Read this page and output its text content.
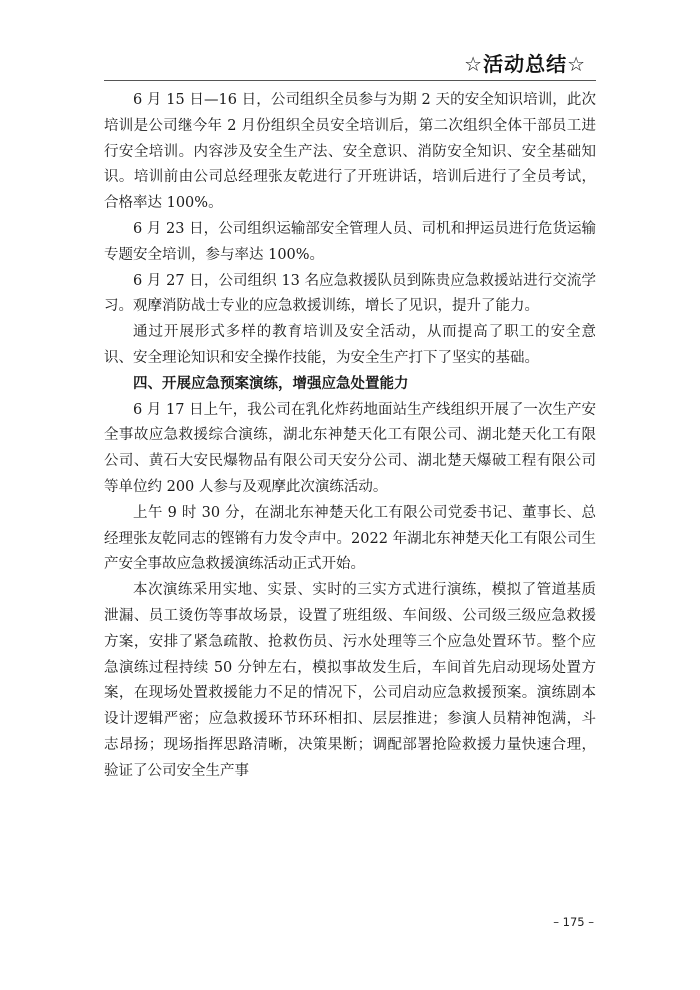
☆活动总结☆

6 月 15 日—16 日，公司组织全员参与为期 2 天的安全知识培训，此次培训是公司继今年 2 月份组织全员安全培训后，第二次组织全体干部员工进行安全培训。内容涉及安全生产法、安全意识、消防安全知识、安全基础知识。培训前由公司总经理张友乾进行了开班讲话，培训后进行了全员考试，合格率达 100%。

6 月 23 日，公司组织运输部安全管理人员、司机和押运员进行危货运输专题安全培训，参与率达 100%。

6 月 27 日，公司组织 13 名应急救援队员到陈贵应急救援站进行交流学习。观摩消防战士专业的应急救援训练，增长了见识，提升了能力。

通过开展形式多样的教育培训及安全活动，从而提高了职工的安全意识、安全理论知识和安全操作技能，为安全生产打下了坚实的基础。

四、开展应急预案演练，增强应急处置能力

6 月 17 日上午，我公司在乳化炸药地面站生产线组织开展了一次生产安全事故应急救援综合演练，湖北东神楚天化工有限公司、湖北楚天化工有限公司、黄石大安民爆物品有限公司天安分公司、湖北楚天爆破工程有限公司等单位约 200 人参与及观摩此次演练活动。

上午 9 时 30 分，在湖北东神楚天化工有限公司党委书记、董事长、总经理张友乾同志的铿锵有力发令声中。2022 年湖北东神楚天化工有限公司生产安全事故应急救援演练活动正式开始。

本次演练采用实地、实景、实时的三实方式进行演练，模拟了管道基质泄漏、员工烫伤等事故场景，设置了班组级、车间级、公司级三级应急救援方案，安排了紧急疏散、抢救伤员、污水处理等三个应急处置环节。整个应急演练过程持续 50 分钟左右，模拟事故发生后，车间首先启动现场处置方案，在现场处置救援能力不足的情况下，公司启动应急救援预案。演练剧本设计逻辑严密；应急救援环节环环相扣、层层推进；参演人员精神饱满，斗志昂扬；现场指挥思路清晰，决策果断；调配部署抢险救援力量快速合理，验证了公司安全生产事

– 175 –
